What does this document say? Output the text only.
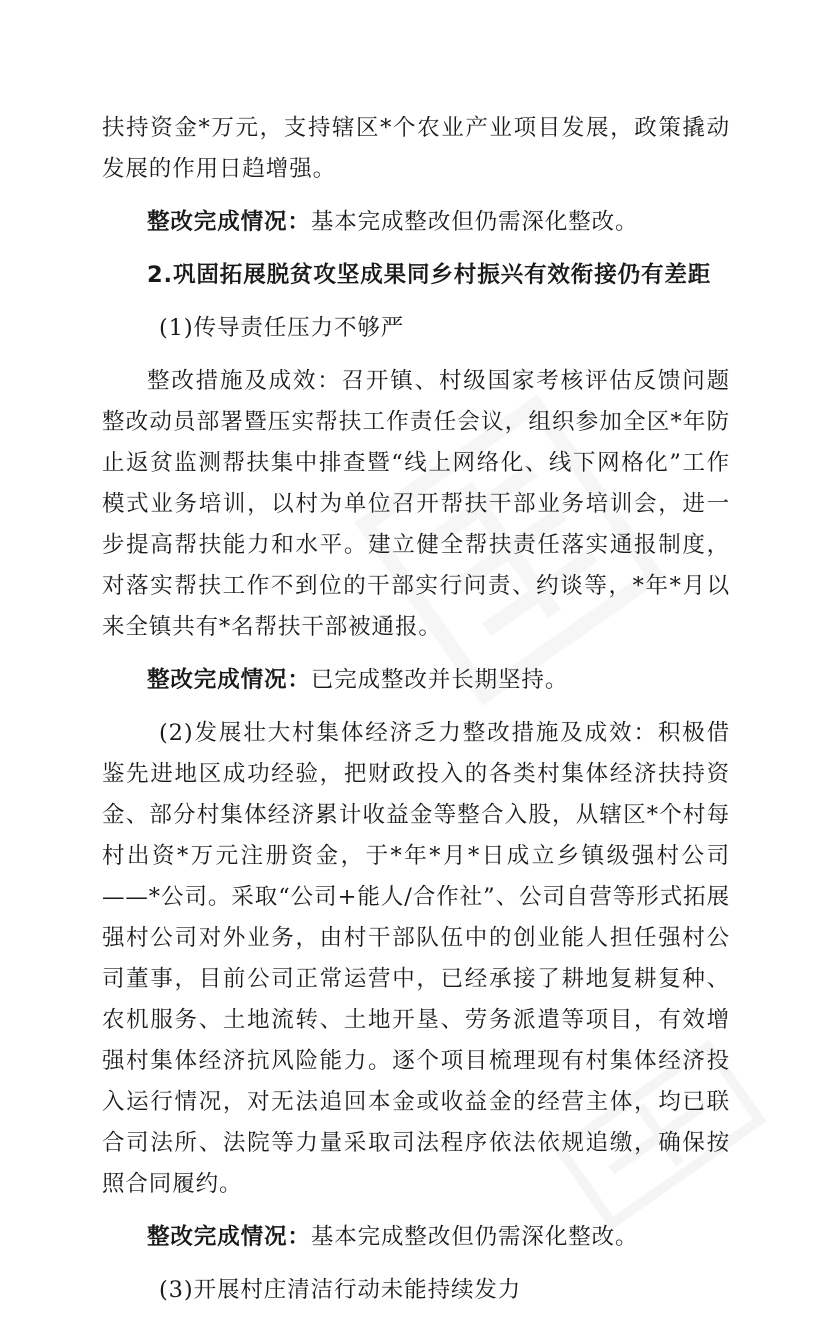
扶持资金*万元，支持辖区*个农业产业项目发展，政策撬动发展的作用日趋增强。

整改完成情况：基本完成整改但仍需深化整改。

2.巩固拓展脱贫攻坚成果同乡村振兴有效衔接仍有差距

(1)传导责任压力不够严

整改措施及成效：召开镇、村级国家考核评估反馈问题整改动员部署暨压实帮扶工作责任会议，组织参加全区*年防止返贫监测帮扶集中排查暨“线上网络化、线下网格化”工作模式业务培训，以村为单位召开帮扶干部业务培训会，进一步提高帮扶能力和水平。建立健全帮扶责任落实通报制度，对落实帮扶工作不到位的干部实行问责、约谈等，*年*月以来全镇共有*名帮扶干部被通报。

整改完成情况：已完成整改并长期坚持。

(2)发展壮大村集体经济乏力整改措施及成效：积极借鉴先进地区成功经验，把财政投入的各类村集体经济扶持资金、部分村集体经济累计收益金等整合入股，从辖区*个村每村出资*万元注册资金，于*年*月*日成立乡镇级强村公司——*公司。采取“公司+能人/合作社”、公司自营等形式拓展强村公司对外业务，由村干部队伍中的创业能人担任强村公司董事，目前公司正常运营中，已经承接了耕地复耕复种、农机服务、土地流转、土地开垦、劳务派遣等项目，有效增强村集体经济抗风险能力。逐个项目梳理现有村集体经济投入运行情况，对无法追回本金或收益金的经营主体，均已联合司法所、法院等力量采取司法程序依法依规追缴，确保按照合同履约。

整改完成情况：基本完成整改但仍需深化整改。

(3)开展村庄清洁行动未能持续发力
